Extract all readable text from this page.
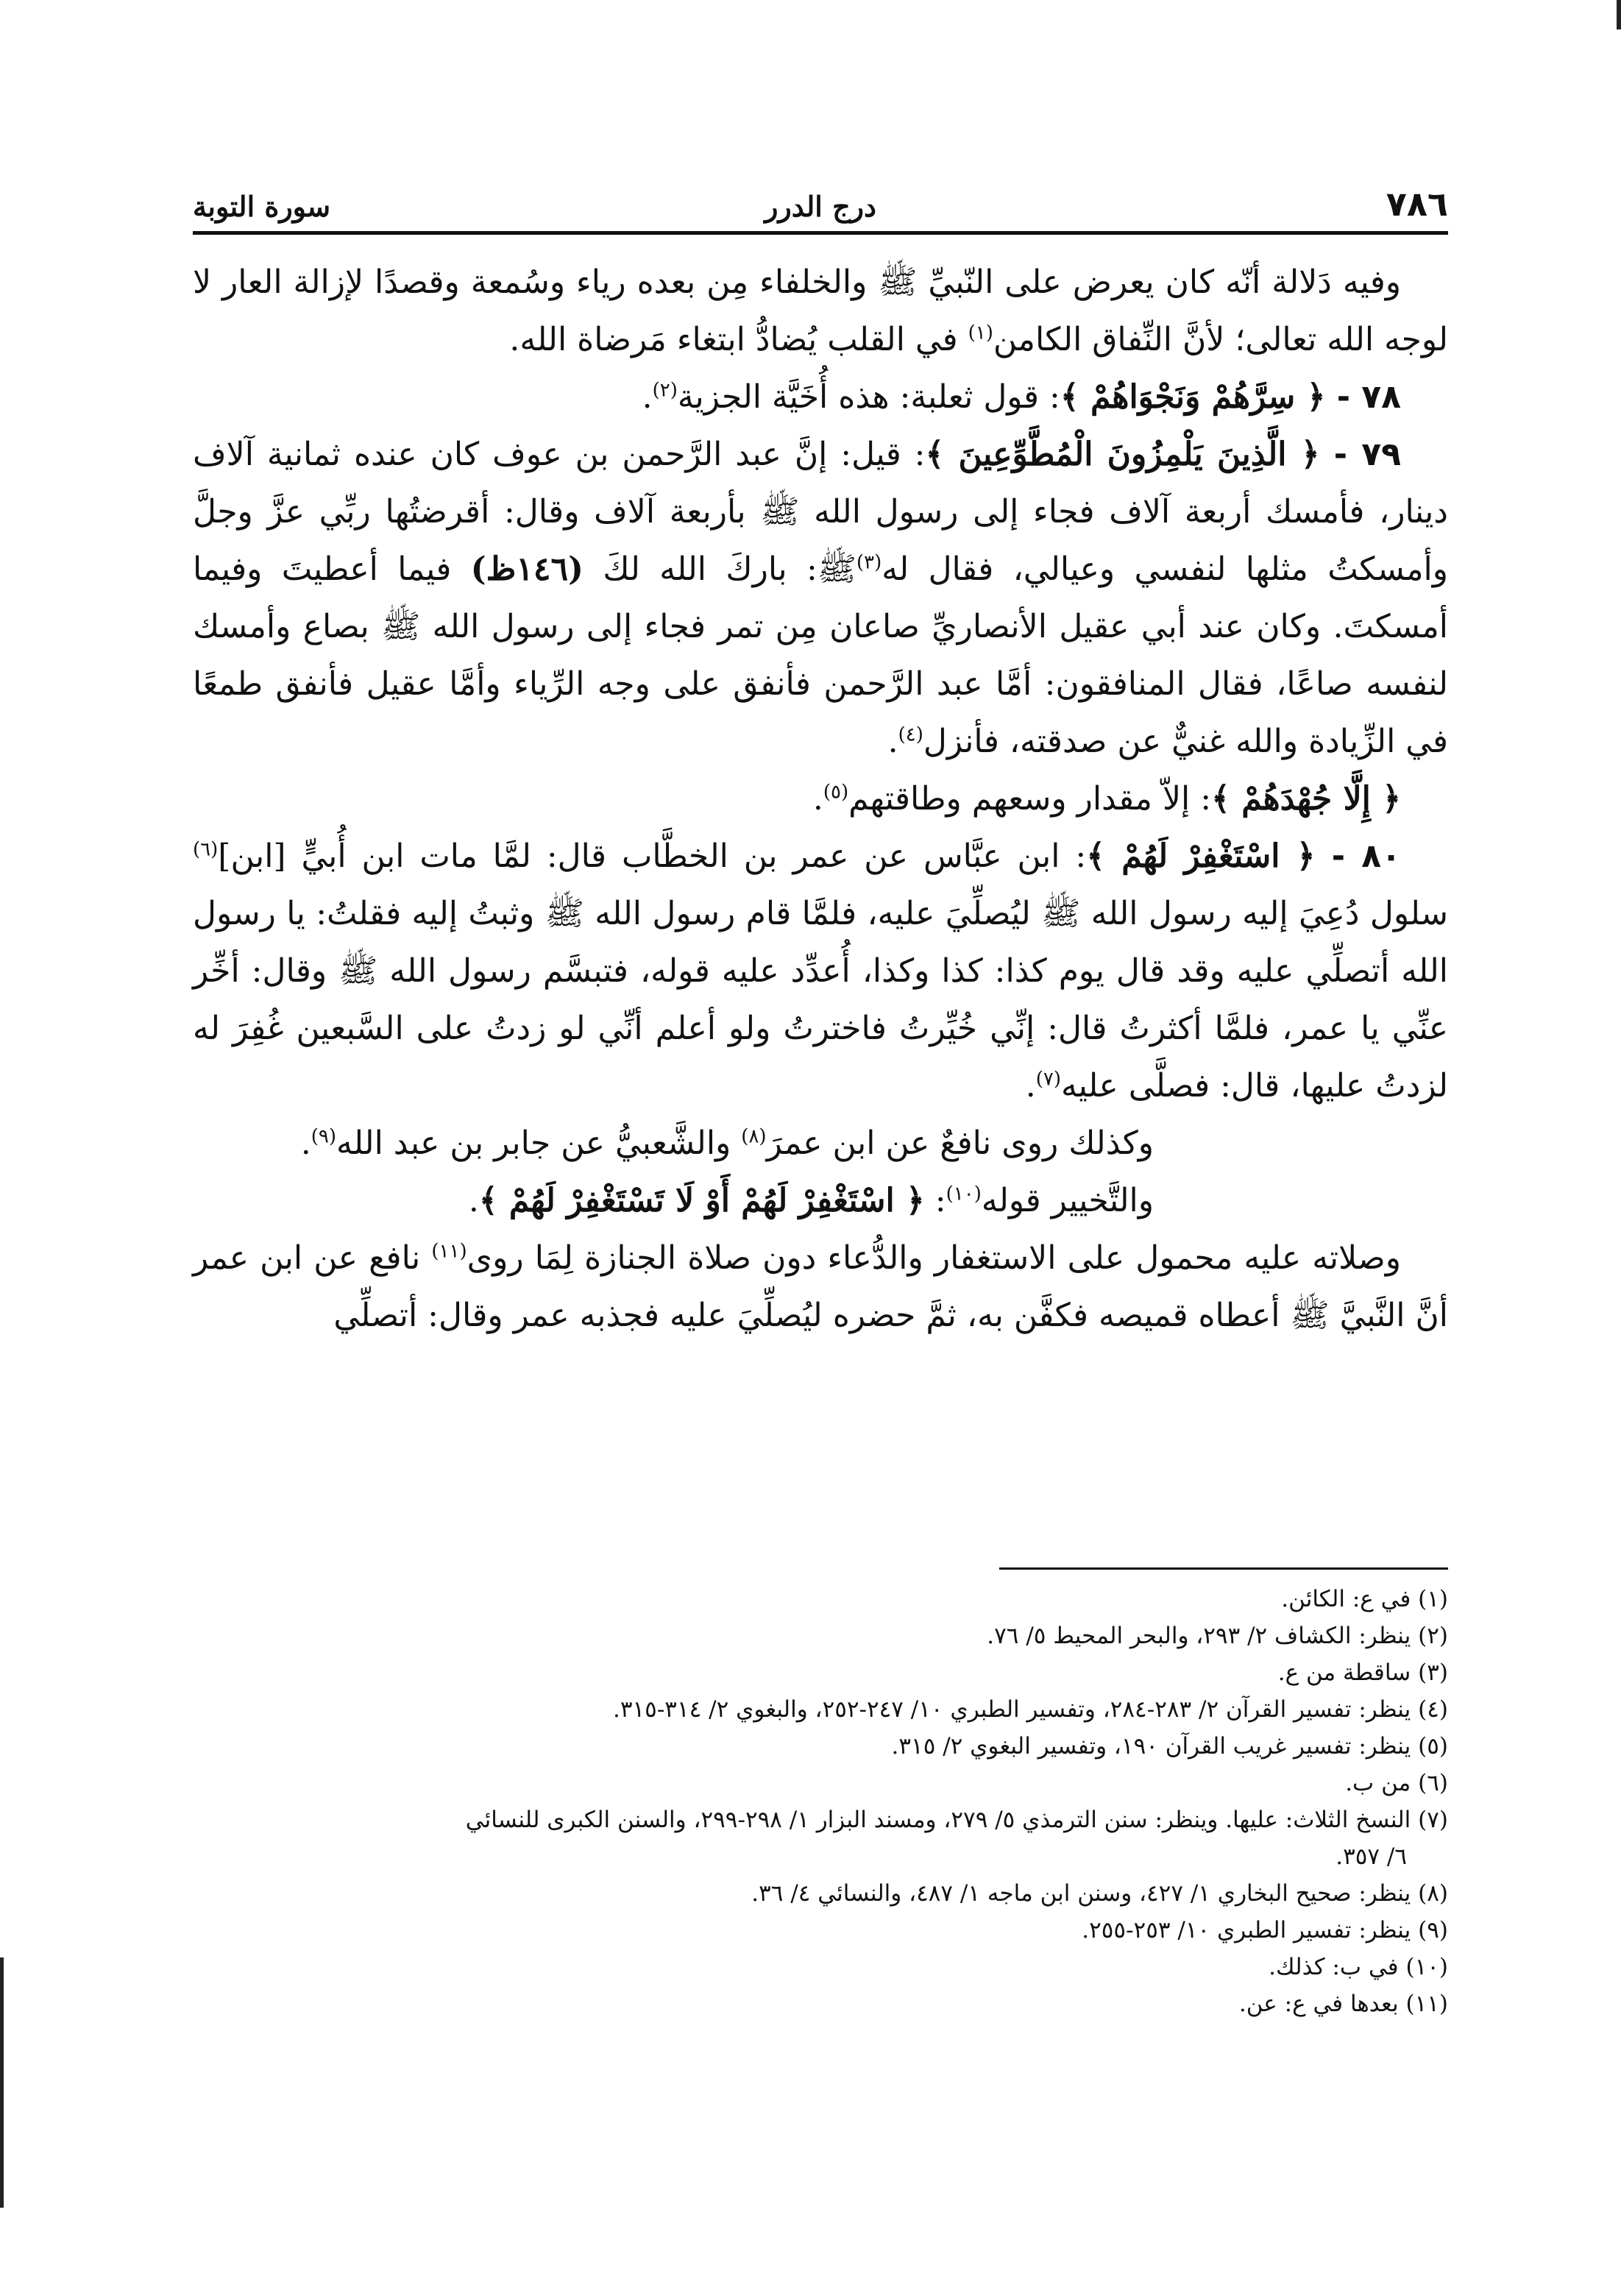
٧٨٦
درج الدرر
سورة التوبة

وفيه دَلالة أنّه كان يعرض على النّبيِّ ﷺ والخلفاء مِن بعده رياء وسُمعة وقصدًا لإزالة العار لا لوجه الله تعالى؛ لأنَّ النِّفاق الكامن$^{(١)}$ في القلب يُضادُّ ابتغاء مَرضاة الله.

٧٨ - ﴿ سِرَّهُمْ وَنَجْوَاهُمْ ﴾: قول ثعلبة: هذه أُخَيَّة الجزية$^{(٢)}$.

٧٩ - ﴿ الَّذِينَ يَلْمِزُونَ الْمُطَّوِّعِينَ ﴾: قيل: إنَّ عبد الرَّحمن بن عوف كان عنده ثمانية آلاف دينار، فأمسك أربعة آلاف فجاء إلى رسول الله ﷺ بأربعة آلاف وقال: أقرضتُها ربِّي عزَّ وجلَّ وأمسكتُ مثلها لنفسي وعيالي، فقال له$^{(٣)}$ﷺ: باركَ الله لكَ (١٤٦ظ) فيما أعطيتَ وفيما أمسكتَ. وكان عند أبي عقيل الأنصاريِّ صاعان مِن تمر فجاء إلى رسول الله ﷺ بصاع وأمسك لنفسه صاعًا، فقال المنافقون: أمَّا عبد الرَّحمن فأنفق على وجه الرِّياء وأمَّا عقيل فأنفق طمعًا في الزِّيادة والله غنيٌّ عن صدقته، فأنزل$^{(٤)}$.

﴿ إِلَّا جُهْدَهُمْ ﴾: إلاّ مقدار وسعهم وطاقتهم$^{(٥)}$.

٨٠ - ﴿ اسْتَغْفِرْ لَهُمْ ﴾: ابن عبَّاس عن عمر بن الخطَّاب قال: لمَّا مات ابن أُبيٍّ [ابن]$^{(٦)}$ سلول دُعِيَ إليه رسول الله ﷺ ليُصلِّيَ عليه، فلمَّا قام رسول الله ﷺ وثبتُ إليه فقلتُ: يا رسول الله أتصلِّي عليه وقد قال يوم كذا: كذا وكذا، أُعدِّد عليه قوله، فتبسَّم رسول الله ﷺ وقال: أخِّر عنِّي يا عمر، فلمَّا أكثرتُ قال: إنِّي خُيِّرتُ فاخترتُ ولو أعلم أنِّي لو زدتُ على السَّبعين غُفِرَ له لزدتُ عليها، قال: فصلَّى عليه$^{(٧)}$.

وكذلك روى نافعٌ عن ابن عمرَ$^{(٨)}$ والشَّعبيُّ عن جابر بن عبد الله$^{(٩)}$.

والتَّخيير قوله$^{(١٠)}$: ﴿ اسْتَغْفِرْ لَهُمْ أَوْ لَا تَسْتَغْفِرْ لَهُمْ ﴾.

وصلاته عليه محمول على الاستغفار والدُّعاء دون صلاة الجنازة لِمَا روى$^{(١١)}$ نافع عن ابن عمر أنَّ النَّبيَّ ﷺ أعطاه قميصه فكفَّن به، ثمَّ حضره ليُصلِّيَ عليه فجذبه عمر وقال: أتصلِّي

(١) في ع: الكائن.
(٢) ينظر: الكشاف ٢/ ٢٩٣، والبحر المحيط ٥/ ٧٦.
(٣) ساقطة من ع.
(٤) ينظر: تفسير القرآن ٢/ ٢٨٣-٢٨٤، وتفسير الطبري ١٠/ ٢٤٧-٢٥٢، والبغوي ٢/ ٣١٤-٣١٥.
(٥) ينظر: تفسير غريب القرآن ١٩٠، وتفسير البغوي ٢/ ٣١٥.
(٦) من ب.
(٧) النسخ الثلاث: عليها. وينظر: سنن الترمذي ٥/ ٢٧٩، ومسند البزار ١/ ٢٩٨-٢٩٩، والسنن الكبرى للنسائي
٦/ ٣٥٧.
(٨) ينظر: صحيح البخاري ١/ ٤٢٧، وسنن ابن ماجه ١/ ٤٨٧، والنسائي ٤/ ٣٦.
(٩) ينظر: تفسير الطبري ١٠/ ٢٥٣-٢٥٥.
(١٠) في ب: كذلك.
(١١) بعدها في ع: عن.
